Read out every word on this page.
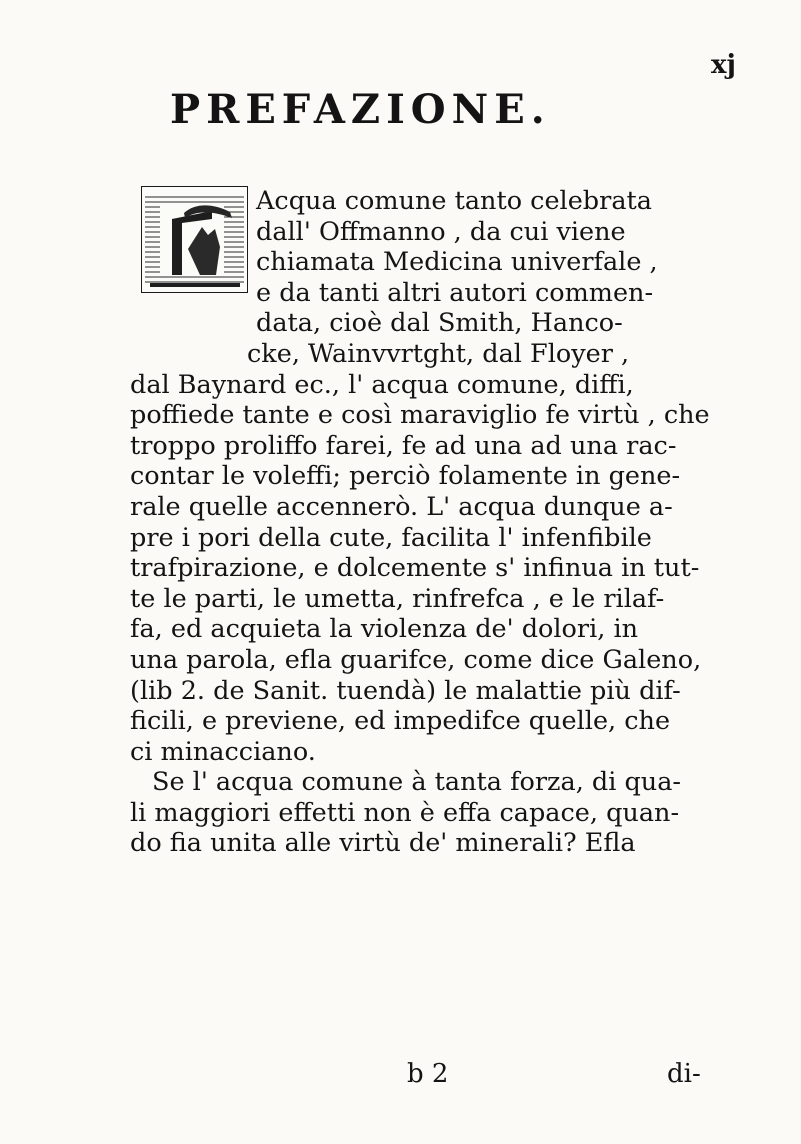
xj
PREFAZIONE.
Acqua comune tanto celebrata
dall' Offmanno , da cui viene
chiamata Medicina univerfale ,
e da tanti altri autori commen-
data, cioè dal Smith, Hanco-
cke, Wainvvrtght, dal Floyer ,
dal Baynard ec., l' acqua comune, diffi,
poffiede tante e così maraviglio fe virtù , che
troppo proliffo farei, fe ad una ad una rac-
contar le voleffi; perciò folamente in gene-
rale quelle accennerò. L' acqua dunque a-
pre i pori della cute, facilita l' infenfibile
trafpirazione, e dolcemente s' infinua in tut-
te le parti, le umetta, rinfrefca , e le rilaf-
fa, ed acquieta la violenza de' dolori, in
una parola, efla guarifce, come dice Galeno,
(lib 2. de Sanit. tuendà) le malattie più dif-
ficili, e previene, ed impedifce quelle, che
ci minacciano.
Se l' acqua comune à tanta forza, di qua-
li maggiori effetti non è effa capace, quan-
do fia unita alle virtù de' minerali? Efla
b 2	di-
